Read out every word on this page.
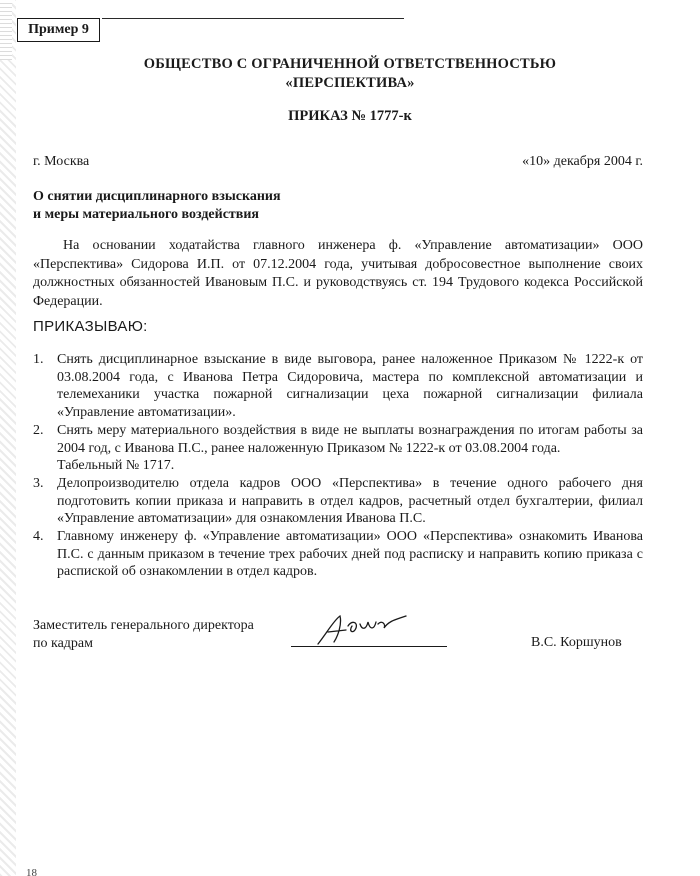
Пример 9
ОБЩЕСТВО С ОГРАНИЧЕННОЙ ОТВЕТСТВЕННОСТЬЮ
«ПЕРСПЕКТИВА»
ПРИКАЗ № 1777-к
г. Москва	«10» декабря 2004 г.
О снятии дисциплинарного взыскания
и меры материального воздействия
На основании ходатайства главного инженера ф. «Управление автоматизации» ООО «Перспектива» Сидорова И.П. от 07.12.2004 года, учитывая добросовестное выполнение своих должностных обязанностей Ивановым П.С. и руководствуясь ст. 194 Трудового кодекса Российской Федерации.
ПРИКАЗЫВАЮ:
1. Снять дисциплинарное взыскание в виде выговора, ранее наложенное Приказом № 1222-к от 03.08.2004 года, с Иванова Петра Сидоровича, мастера по комплексной автоматизации и телемеханики участка пожарной сигнализации цеха пожарной сигнализации филиала «Управление автоматизации».
2. Снять меру материального воздействия в виде не выплаты вознаграждения по итогам работы за 2004 год, с Иванова П.С., ранее наложенную Приказом № 1222-к от 03.08.2004 года.
Табельный № 1717.
3. Делопроизводителю отдела кадров ООО «Перспектива» в течение одного рабочего дня подготовить копии приказа и направить в отдел кадров, расчетный отдел бухгалтерии, филиал «Управление автоматизации» для ознакомления Иванова П.С.
4. Главному инженеру ф. «Управление автоматизации» ООО «Перспектива» ознакомить Иванова П.С. с данным приказом в течение трех рабочих дней под расписку и направить копию приказа с распиской об ознакомлении в отдел кадров.
Заместитель генерального директора
по кадрам	В.С. Коршунов
18
